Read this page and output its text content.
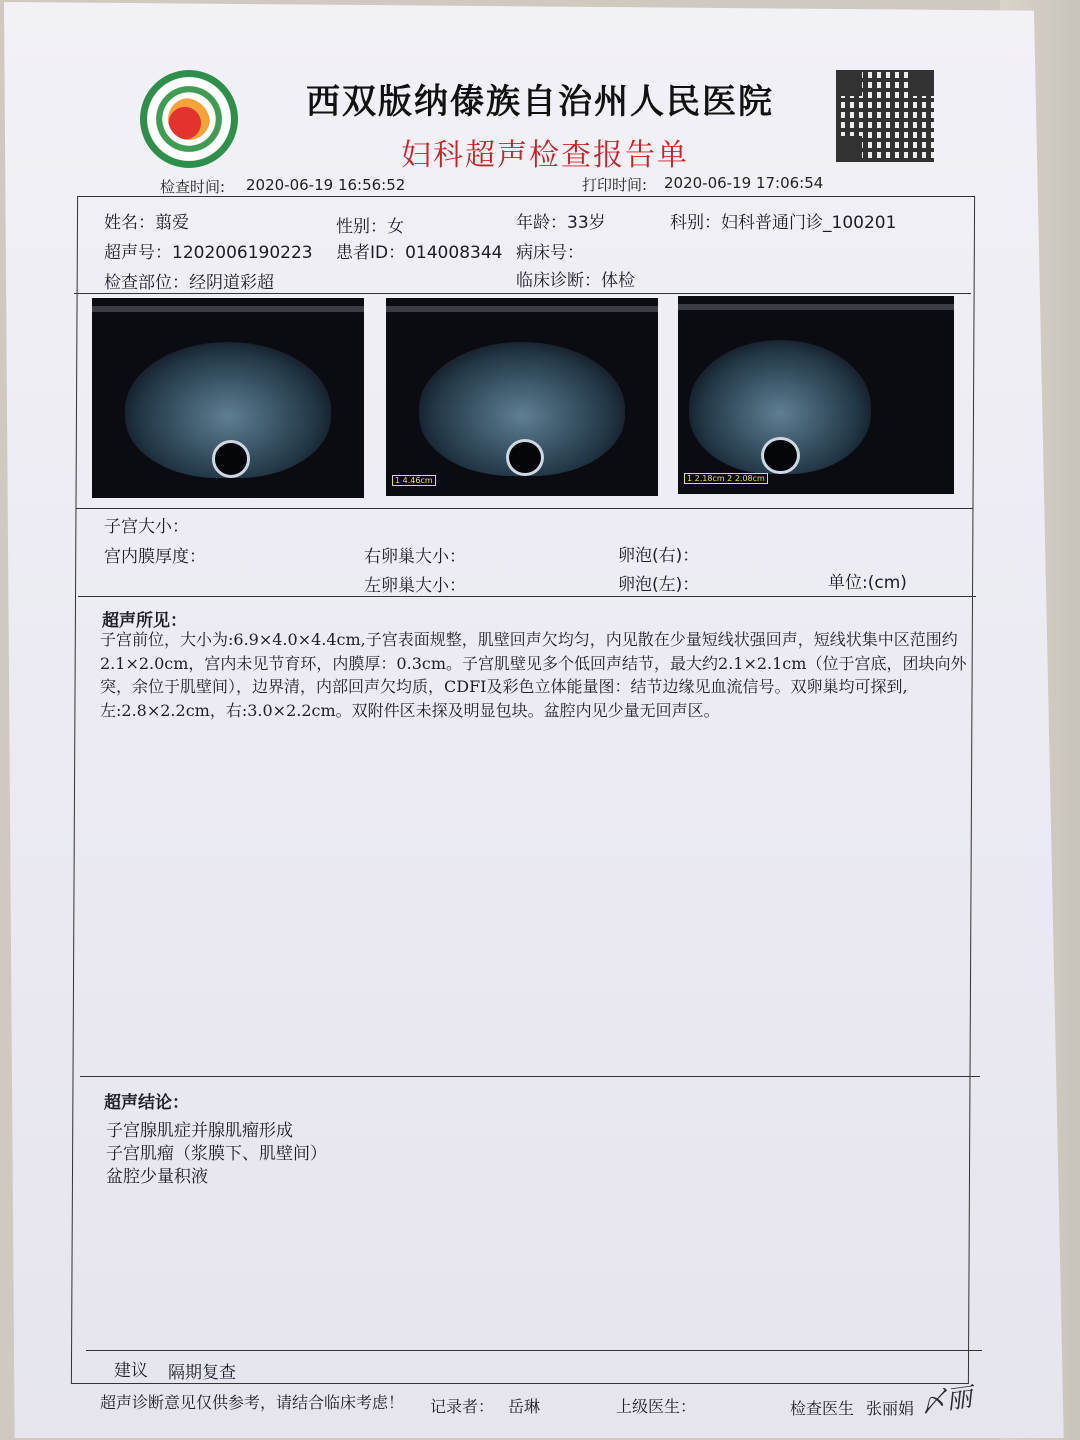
西双版纳傣族自治州人民医院
妇科超声检查报告单
检查时间: 2020-06-19 16:56:52	打印时间: 2020-06-19 17:06:54
姓名：翦爱	性别：女	年龄：33岁	科别：妇科普通门诊_100201
超声号：1202006190223 患者ID：014008344 病床号：
检查部位：经阴道彩超	临床诊断：体检
1 4.46cm	1 2.18cm 2 2.08cm
子宫大小：
宫内膜厚度：	右卵巢大小：	卵泡(右)：
左卵巢大小：	卵泡(左)：	单位:(cm)
超声所见：
子宫前位，大小为:6.9×4.0×4.4cm,子宫表面规整，肌壁回声欠均匀，内见散在少量短线状强回声，短线状集中区范围约2.1×2.0cm，宫内未见节育环，内膜厚：0.3cm。子宫肌壁见多个低回声结节，最大约2.1×2.1cm（位于宫底，团块向外突，余位于肌壁间），边界清，内部回声欠均质，CDFI及彩色立体能量图：结节边缘见血流信号。双卵巢均可探到,左:2.8×2.2cm，右:3.0×2.2cm。双附件区未探及明显包块。盆腔内见少量无回声区。
超声结论：
子宫腺肌症并腺肌瘤形成
子宫肌瘤（浆膜下、肌壁间）
盆腔少量积液
建议 隔期复查
超声诊断意见仅供参考，请结合临床考虑！ 记录者： 岳琳	上级医生：	检查医生 张丽娟 〆丽
